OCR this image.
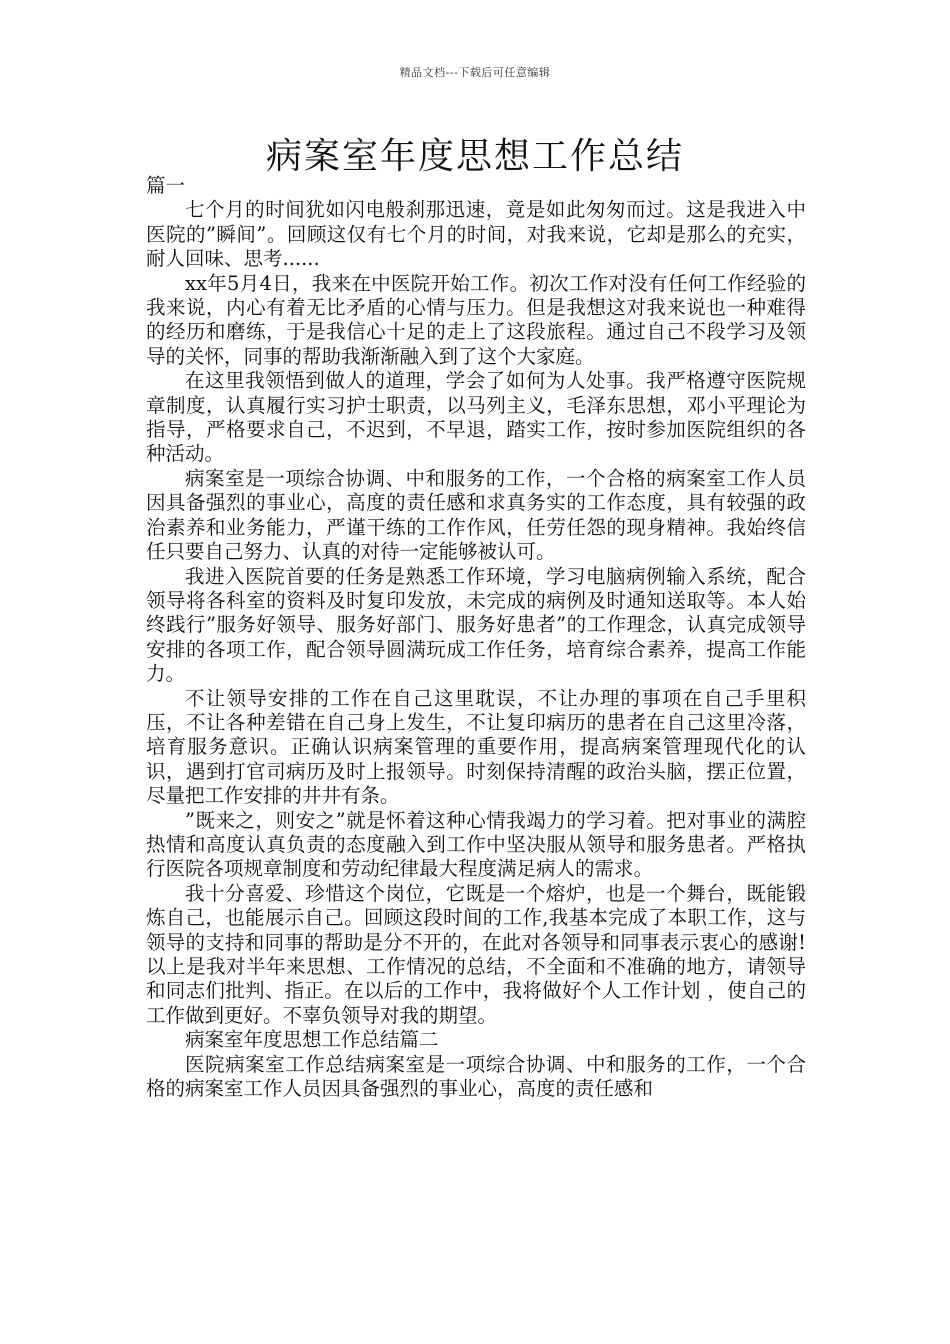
精品文档---下载后可任意编辑
病案室年度思想工作总结

篇一

七个月的时间犹如闪电般刹那迅速，竟是如此匆匆而过。这是我进入中医院的”瞬间”。回顾这仅有七个月的时间，对我来说，它却是那么的充实，耐人回味、思考......

xx年5月4日，我来在中医院开始工作。初次工作对没有任何工作经验的我来说，内心有着无比矛盾的心情与压力。但是我想这对我来说也一种难得的经历和磨练，于是我信心十足的走上了这段旅程。通过自己不段学习及领导的关怀，同事的帮助我渐渐融入到了这个大家庭。

在这里我领悟到做人的道理，学会了如何为人处事。我严格遵守医院规章制度，认真履行实习护士职责，以马列主义，毛泽东思想，邓小平理论为指导，严格要求自己，不迟到，不早退，踏实工作，按时参加医院组织的各种活动。

病案室是一项综合协调、中和服务的工作，一个合格的病案室工作人员因具备强烈的事业心，高度的责任感和求真务实的工作态度，具有较强的政治素养和业务能力，严谨干练的工作作风，任劳任怨的现身精神。我始终信任只要自己努力、认真的对待一定能够被认可。

我进入医院首要的任务是熟悉工作环境，学习电脑病例输入系统，配合领导将各科室的资料及时复印发放，未完成的病例及时通知送取等。本人始终践行”服务好领导、服务好部门、服务好患者”的工作理念，认真完成领导安排的各项工作，配合领导圆满玩成工作任务，培育综合素养，提高工作能力。

不让领导安排的工作在自己这里耽误，不让办理的事项在自己手里积压，不让各种差错在自己身上发生，不让复印病历的患者在自己这里冷落，培育服务意识。正确认识病案管理的重要作用，提高病案管理现代化的认识，遇到打官司病历及时上报领导。时刻保持清醒的政治头脑，摆正位置，尽量把工作安排的井井有条。

”既来之，则安之”就是怀着这种心情我竭力的学习着。把对事业的满腔热情和高度认真负责的态度融入到工作中坚决服从领导和服务患者。严格执行医院各项规章制度和劳动纪律最大程度满足病人的需求。

我十分喜爱、珍惜这个岗位，它既是一个熔炉，也是一个舞台，既能锻炼自己，也能展示自己。回顾这段时间的工作,我基本完成了本职工作，这与领导的支持和同事的帮助是分不开的，在此对各领导和同事表示衷心的感谢!以上是我对半年来思想、工作情况的总结，不全面和不准确的地方，请领导和同志们批判、指正。在以后的工作中，我将做好个人工作计划 ，使自己的工作做到更好。不辜负领导对我的期望。

病案室年度思想工作总结篇二

医院病案室工作总结病案室是一项综合协调、中和服务的工作，一个合格的病案室工作人员因具备强烈的事业心，高度的责任感和
